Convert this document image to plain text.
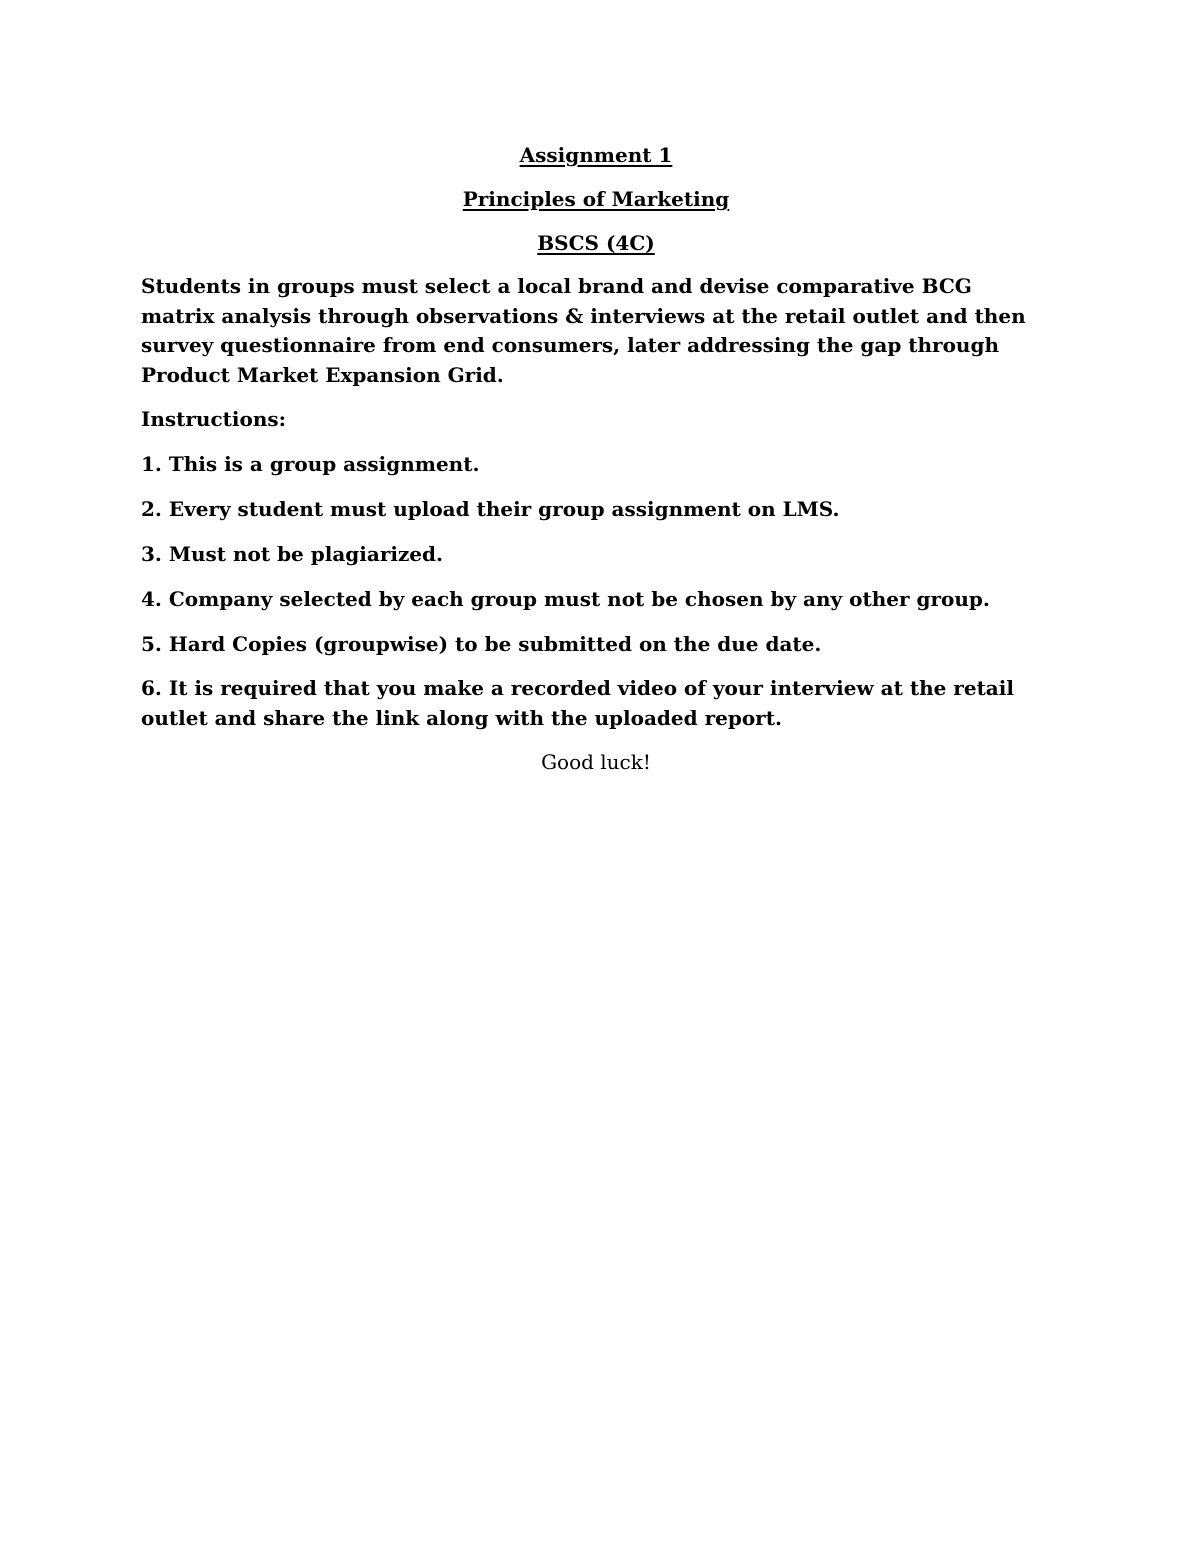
Assignment 1

Principles of Marketing

BSCS (4C)

Students in groups must select a local brand and devise comparative BCG matrix analysis through observations & interviews at the retail outlet and then survey questionnaire from end consumers, later addressing the gap through Product Market Expansion Grid.

Instructions:

1. This is a group assignment.
2. Every student must upload their group assignment on LMS.
3. Must not be plagiarized.
4. Company selected by each group must not be chosen by any other group.
5. Hard Copies (groupwise) to be submitted on the due date.
6. It is required that you make a recorded video of your interview at the retail outlet and share the link along with the uploaded report.

Good luck!
